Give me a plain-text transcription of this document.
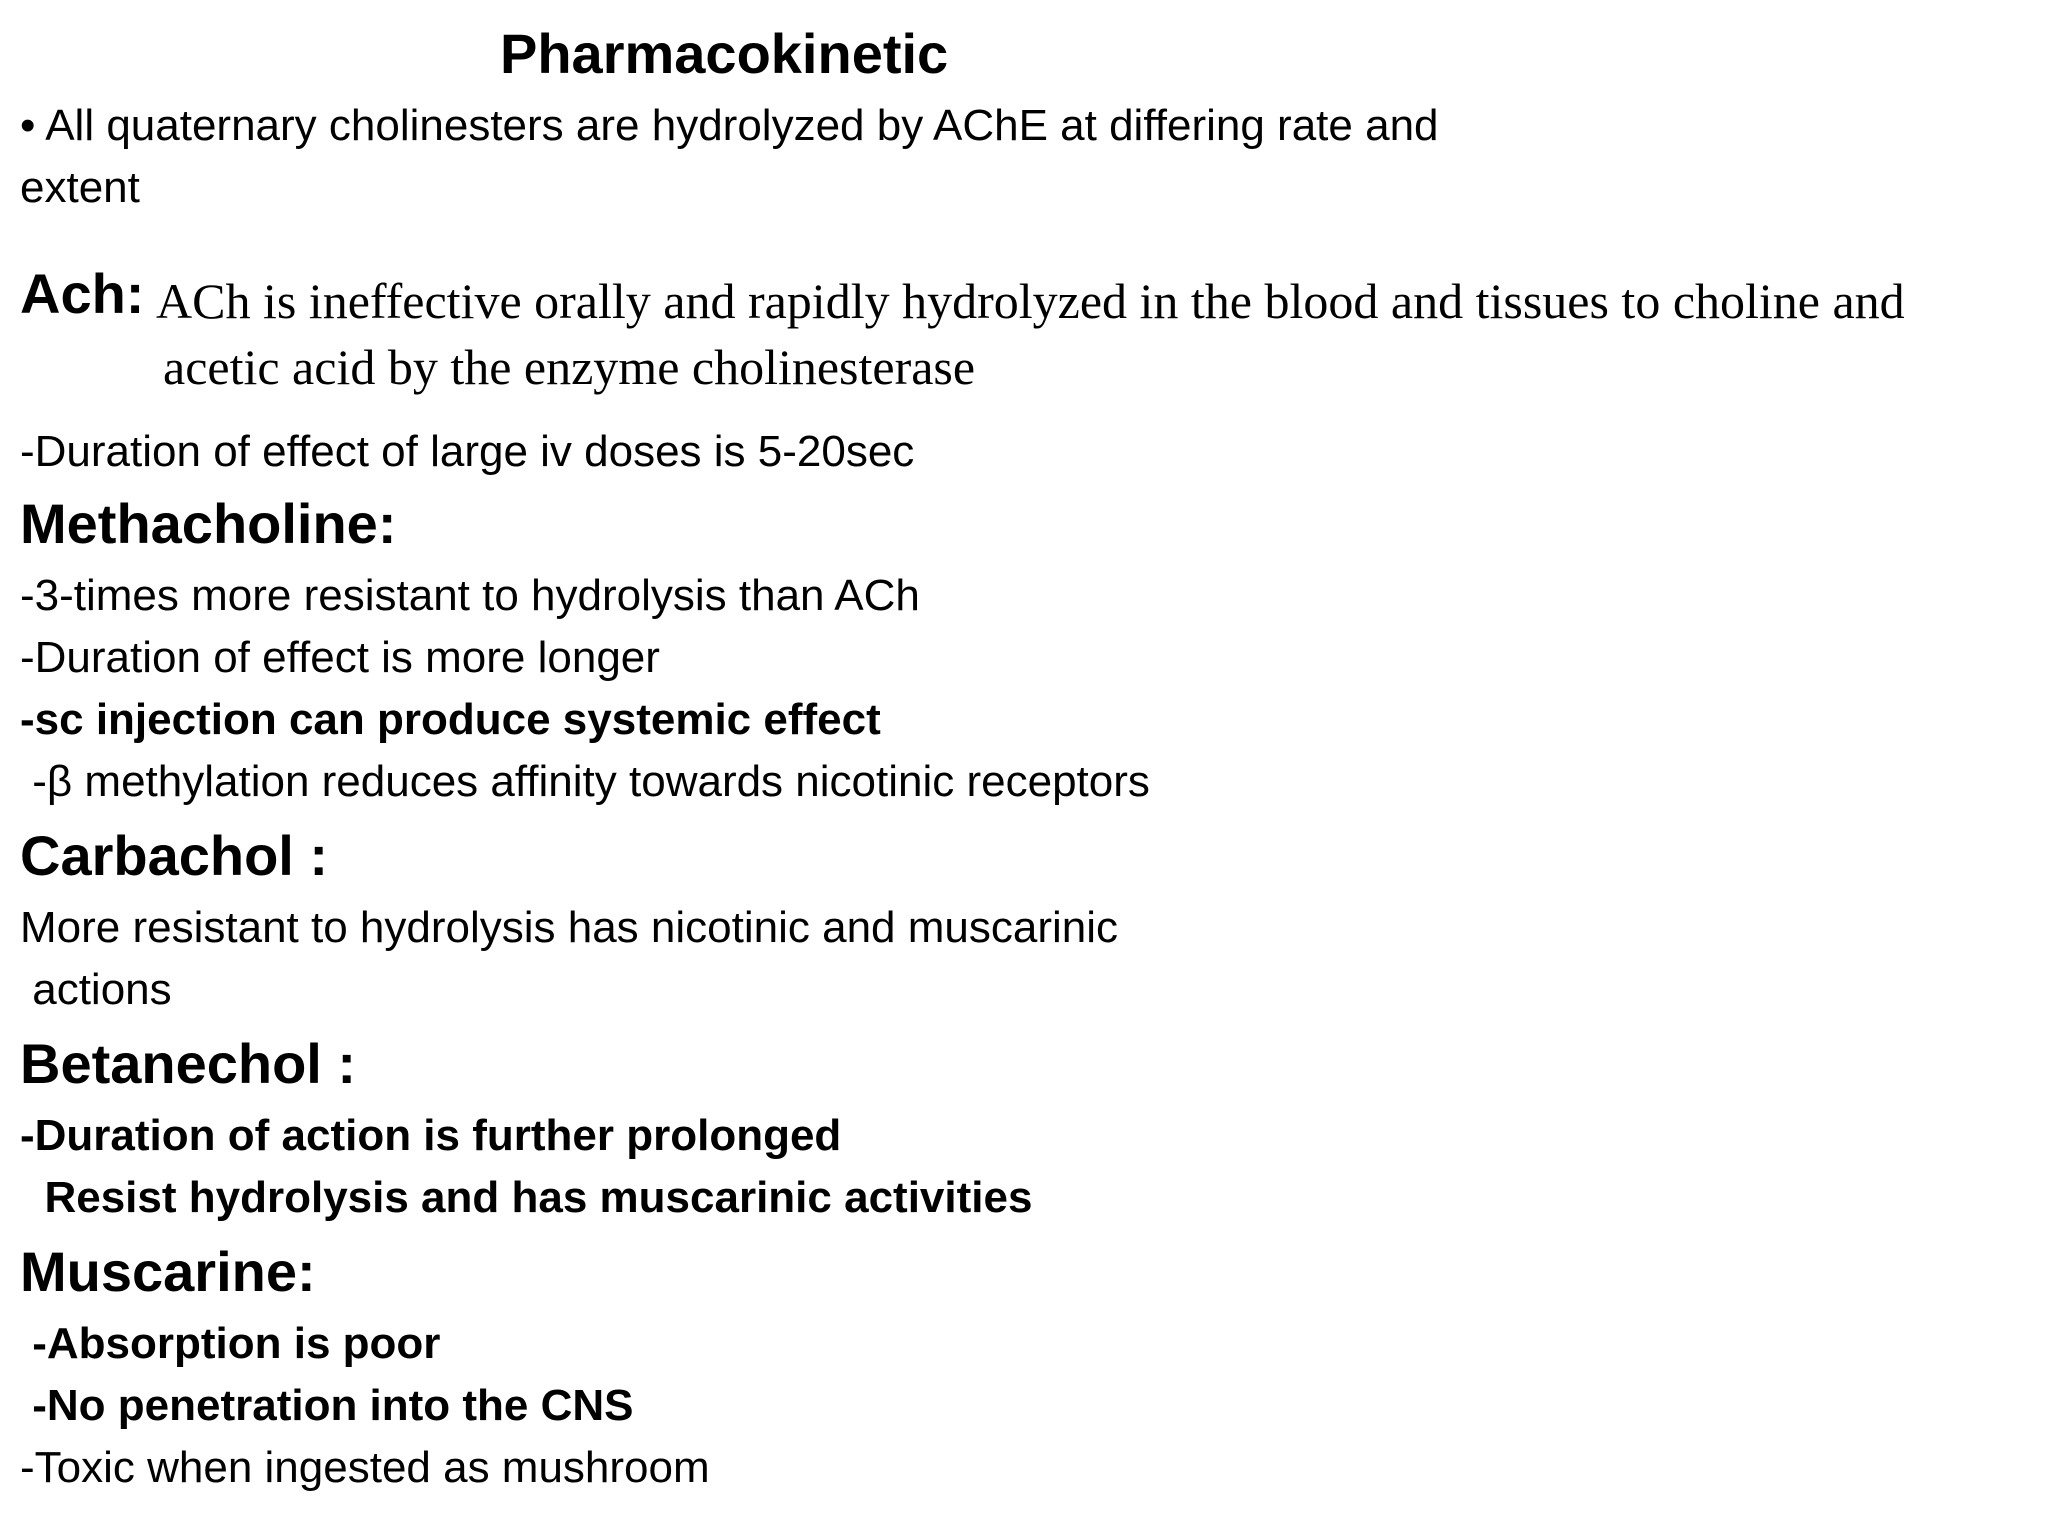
Pharmacokinetic
• All quaternary cholinesters are hydrolyzed by AChE at differing rate and
extent
Ach: ACh is ineffective orally and rapidly hydrolyzed in the blood and tissues to choline and
acetic acid by the enzyme cholinesterase
-Duration of effect of large iv doses is 5-20sec
Methacholine:
-3-times more resistant to hydrolysis than ACh
-Duration of effect is more longer
-sc injection can produce systemic effect
-β methylation reduces affinity towards nicotinic receptors
Carbachol :
More resistant to hydrolysis has nicotinic and muscarinic
actions
Betanechol :
-Duration of action is further prolonged
Resist hydrolysis and has muscarinic activities
Muscarine:
-Absorption is poor
-No penetration into the CNS
-Toxic when ingested as mushroom
